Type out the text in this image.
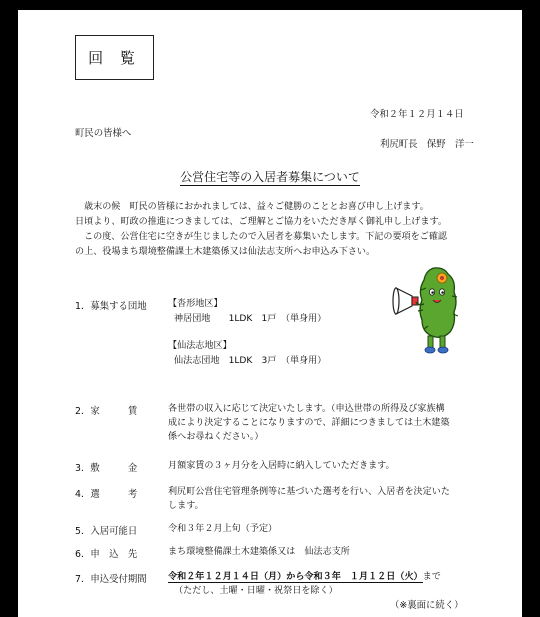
回 覧
令和２年１２月１４日
町民の皆様へ
利尻町長　保野　洋一
公営住宅等の入居者募集について
歳末の候　町民の皆様におかれましては、益々ご健勝のこととお喜び申し上げます。
日頃より、町政の推進につきましては、ご理解とご協力をいただき厚く御礼申し上げます。
この度、公営住宅に空きが生じましたので入居者を募集いたします。下記の要項をご確認
の上、役場まち環境整備課土木建築係又は仙法志支所へお申込み下さい。
1．募集する団地 【沓形地区】
神居団地　　1LDK　1戸　（単身用）
【仙法志地区】
仙法志団地　1LDK　3戸　（単身用）
2．家　　　賃	各世帯の収入に応じて決定いたします。（申込世帯の所得及び家族構
成により決定することになりますので、詳細につきましては土木建築
係へお尋ねください。）
3．敷　　　金	月額家賃の３ヶ月分を入居時に納入していただきます。
4．選　　　考	利尻町公営住宅管理条例等に基づいた選考を行い、入居者を決定いた
します。
5．入居可能日	令和３年２月上旬（予定）
6．申　込　先	まち環境整備課土木建築係又は　仙法志支所
7．申込受付期間 令和２年１２月１４日（月）から令和３年　１月１２日（火）まで
（ただし、土曜・日曜・祝祭日を除く）
（※裏面に続く）
